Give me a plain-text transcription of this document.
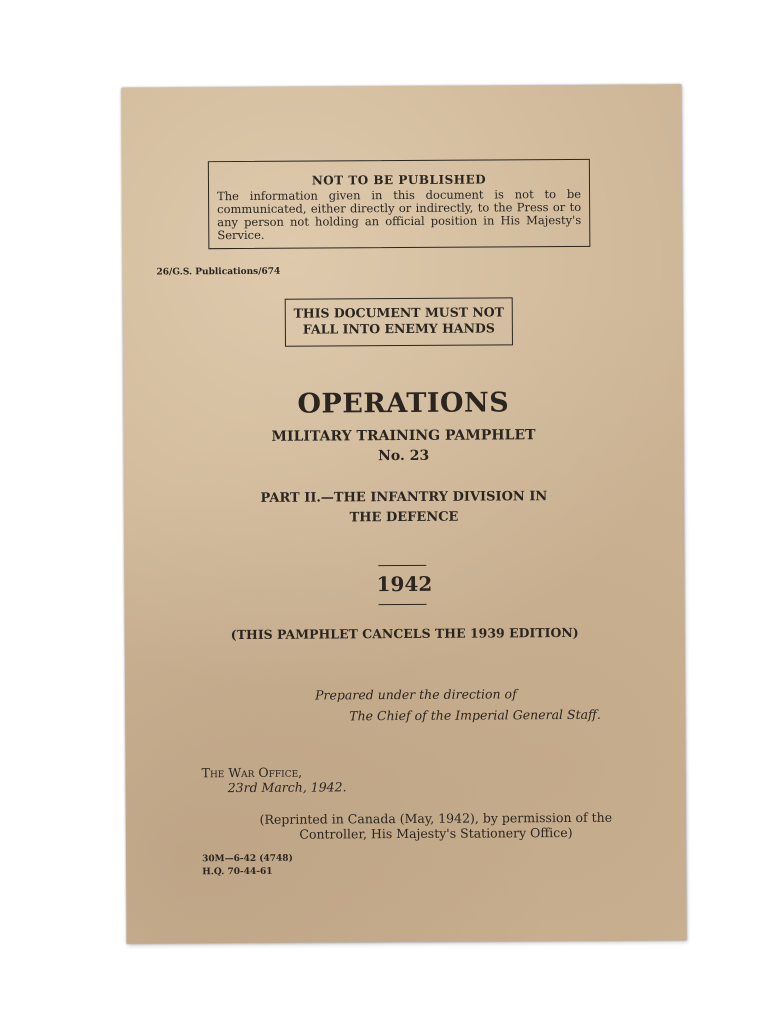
NOT TO BE PUBLISHED
The information given in this document is not to be communicated, either directly or indirectly, to the Press or to any person not holding an official position in His Majesty's Service.
26/G.S. Publications/674
THIS DOCUMENT MUST NOT
FALL INTO ENEMY HANDS
OPERATIONS
MILITARY TRAINING PAMPHLET
No. 23
PART II.—THE INFANTRY DIVISION IN
THE DEFENCE
1942
(THIS PAMPHLET CANCELS THE 1939 EDITION)
Prepared under the direction of
The Chief of the Imperial General Staff.
The War Office,
23rd March, 1942.
(Reprinted in Canada (May, 1942), by permission of the
Controller, His Majesty's Stationery Office)
30M—6-42 (4748)
H.Q. 70-44-61
